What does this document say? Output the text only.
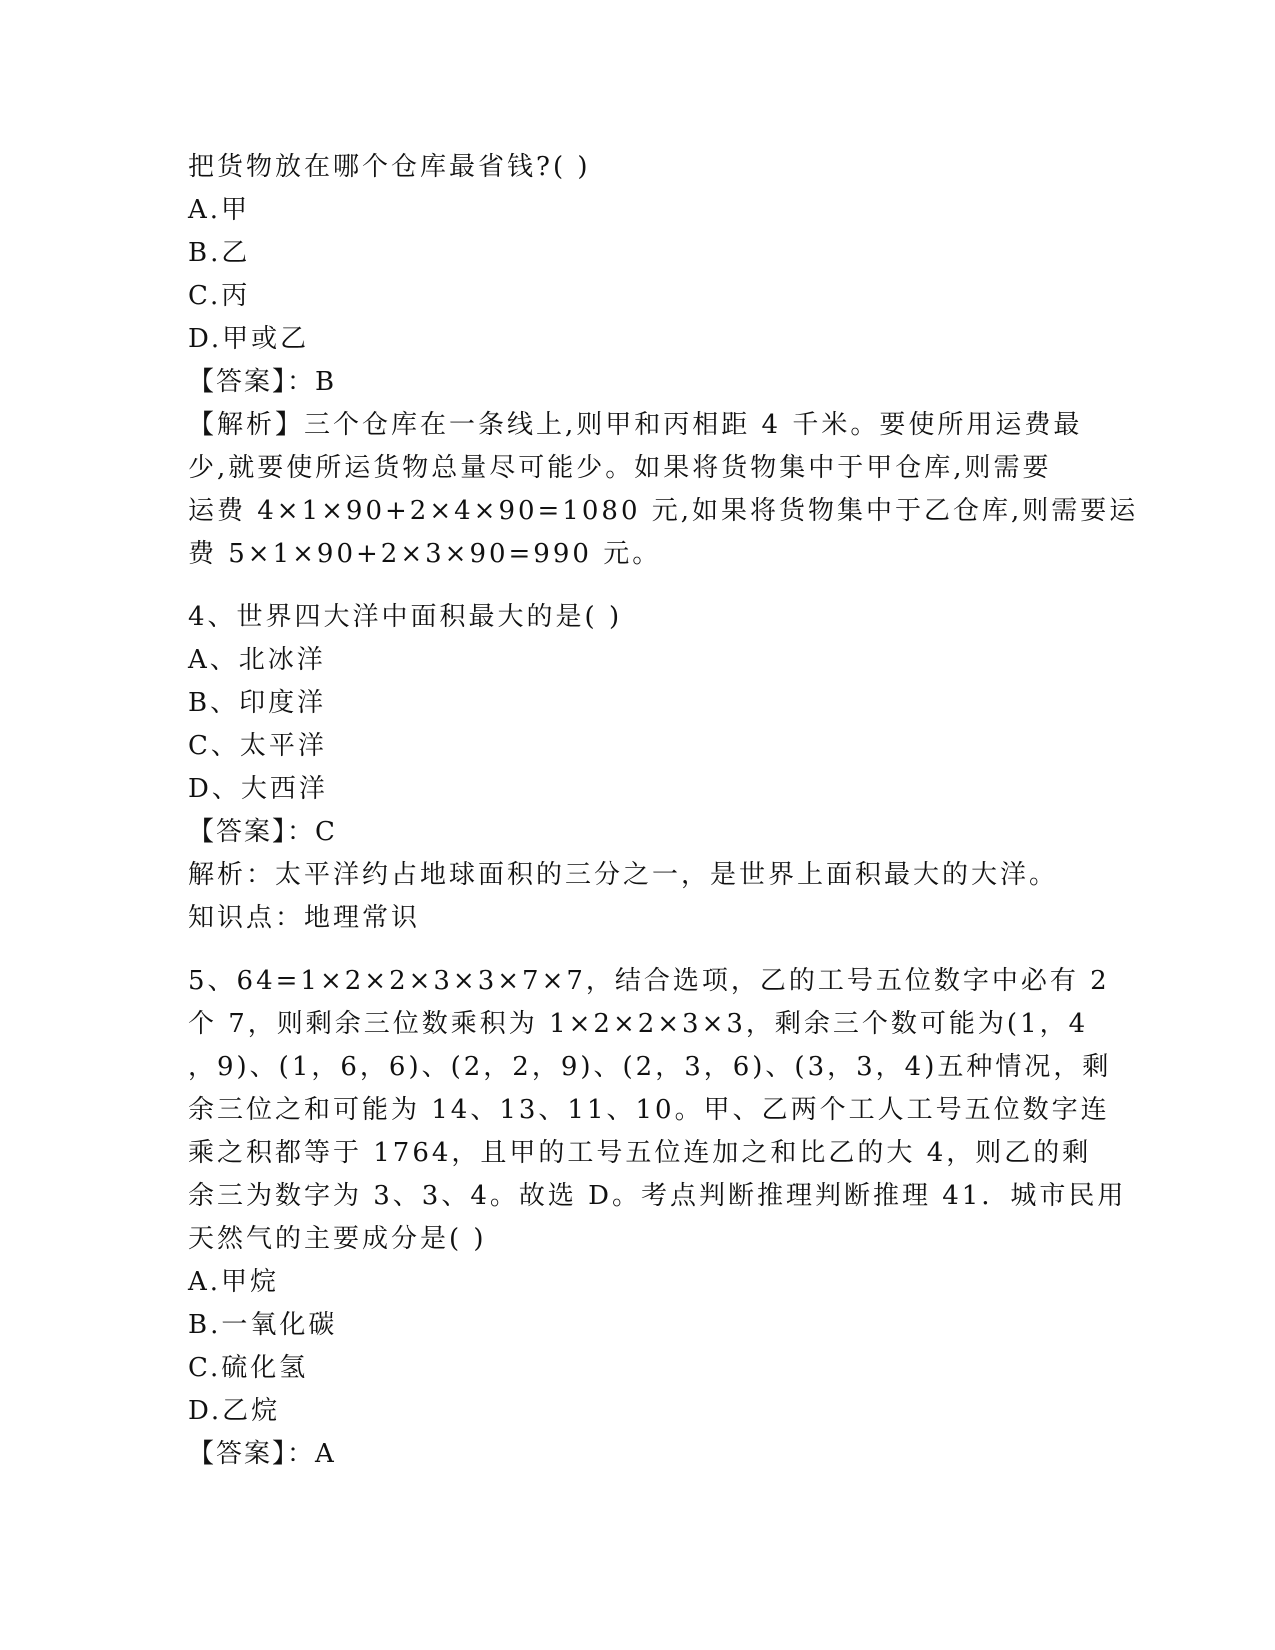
把货物放在哪个仓库最省钱?( )
A.甲
B.乙
C.丙
D.甲或乙
【答案】：B
【解析】三个仓库在一条线上,则甲和丙相距 4 千米。要使所用运费最
少,就要使所运货物总量尽可能少。如果将货物集中于甲仓库,则需要
运费 4×1×90+2×4×90=1080 元,如果将货物集中于乙仓库,则需要运
费 5×1×90+2×3×90=990 元。
4、世界四大洋中面积最大的是( )
A、北冰洋
B、印度洋
C、太平洋
D、大西洋
【答案】：C
解析：太平洋约占地球面积的三分之一，是世界上面积最大的大洋。
知识点：地理常识
5、64=1×2×2×3×3×7×7，结合选项，乙的工号五位数字中必有 2
个 7，则剩余三位数乘积为 1×2×2×3×3，剩余三个数可能为(1，4
，9)、(1，6，6)、(2，2，9)、(2，3，6)、(3，3，4)五种情况，剩
余三位之和可能为 14、13、11、10。甲、乙两个工人工号五位数字连
乘之积都等于 1764，且甲的工号五位连加之和比乙的大 4，则乙的剩
余三为数字为 3、3、4。故选 D。考点判断推理判断推理 41．城市民用
天然气的主要成分是( )
A.甲烷
B.一氧化碳
C.硫化氢
D.乙烷
【答案】：A
